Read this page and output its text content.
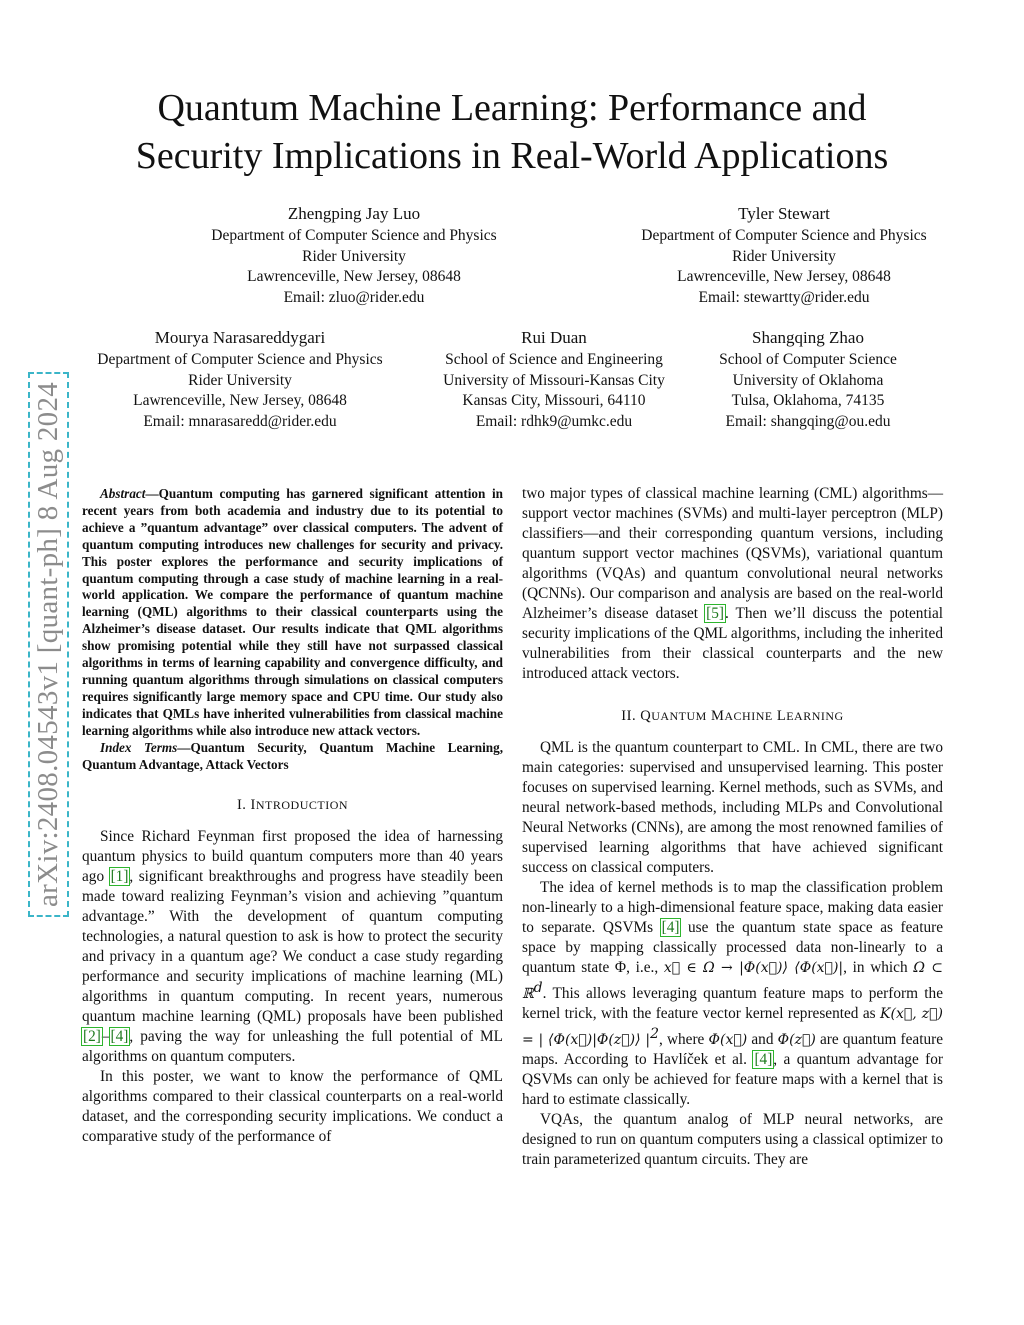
Quantum Machine Learning: Performance and
Security Implications in Real-World Applications
arXiv:2408.04543v1 [quant-ph] 8 Aug 2024
Zhengping Jay Luo
Department of Computer Science and Physics
Rider University
Lawrenceville, New Jersey, 08648
Email: zluo@rider.edu
Tyler Stewart
Department of Computer Science and Physics
Rider University
Lawrenceville, New Jersey, 08648
Email: stewartty@rider.edu
Mourya Narasareddygari
Department of Computer Science and Physics
Rider University
Lawrenceville, New Jersey, 08648
Email: mnarasaredd@rider.edu
Rui Duan
School of Science and Engineering
University of Missouri-Kansas City
Kansas City, Missouri, 64110
Email: rdhk9@umkc.edu
Shangqing Zhao
School of Computer Science
University of Oklahoma
Tulsa, Oklahoma, 74135
Email: shangqing@ou.edu

Abstract—Quantum computing has garnered significant attention in recent years from both academia and industry due to its potential to achieve a ”quantum advantage” over classical computers. The advent of quantum computing introduces new challenges for security and privacy. This poster explores the performance and security implications of quantum computing through a case study of machine learning in a real-world application. We compare the performance of quantum machine learning (QML) algorithms to their classical counterparts using the Alzheimer’s disease dataset. Our results indicate that QML algorithms show promising potential while they still have not surpassed classical algorithms in terms of learning capability and convergence difficulty, and running quantum algorithms through simulations on classical computers requires significantly large memory space and CPU time. Our study also indicates that QMLs have inherited vulnerabilities from classical machine learning algorithms while also introduce new attack vectors.

Index Terms—Quantum Security, Quantum Machine Learning, Quantum Advantage, Attack Vectors

I. INTRODUCTION

Since Richard Feynman first proposed the idea of harnessing quantum physics to build quantum computers more than 40 years ago [1], significant breakthroughs and progress have steadily been made toward realizing Feynman’s vision and achieving ”quantum advantage.” With the development of quantum computing technologies, a natural question to ask is how to protect the security and privacy in a quantum age? We conduct a case study regarding performance and security implications of machine learning (ML) algorithms in quantum computing. In recent years, numerous quantum machine learning (QML) proposals have been published [2]–[4], paving the way for unleashing the full potential of ML algorithms on quantum computers.

In this poster, we want to know the performance of QML algorithms compared to their classical counterparts on a real-world dataset, and the corresponding security implications. We conduct a comparative study of the performance of

two major types of classical machine learning (CML) algorithms—support vector machines (SVMs) and multi-layer perceptron (MLP) classifiers—and their corresponding quantum versions, including quantum support vector machines (QSVMs), variational quantum algorithms (VQAs) and quantum convolutional neural networks (QCNNs). Our comparison and analysis are based on the real-world Alzheimer’s disease dataset [5]. Then we’ll discuss the potential security implications of the QML algorithms, including the inherited vulnerabilities from their classical counterparts and the new introduced attack vectors.

II. QUANTUM MACHINE LEARNING

QML is the quantum counterpart to CML. In CML, there are two main categories: supervised and unsupervised learning. This poster focuses on supervised learning. Kernel methods, such as SVMs, and neural network-based methods, including MLPs and Convolutional Neural Networks (CNNs), are among the most renowned families of supervised learning algorithms that have achieved significant success on classical computers.

The idea of kernel methods is to map the classification problem non-linearly to a high-dimensional feature space, making data easier to separate. QSVMs [4] use the quantum state space as feature space by mapping classically processed data non-linearly to a quantum state Φ, i.e., x⃗ ∈ Ω → |Φ(x⃗)⟩ ⟨Φ(x⃗)|, in which Ω ⊂ ℝ$^d$. This allows leveraging quantum feature maps to perform the kernel trick, with the feature vector kernel represented as K(x⃗, z⃗) = | ⟨Φ(x⃗)|Φ(z⃗)⟩ $|^2$, where Φ(x⃗) and Φ(z⃗) are quantum feature maps. According to Havlíček et al. [4], a quantum advantage for QSVMs can only be achieved for feature maps with a kernel that is hard to estimate classically.

VQAs, the quantum analog of MLP neural networks, are designed to run on quantum computers using a classical optimizer to train parameterized quantum circuits. They are
